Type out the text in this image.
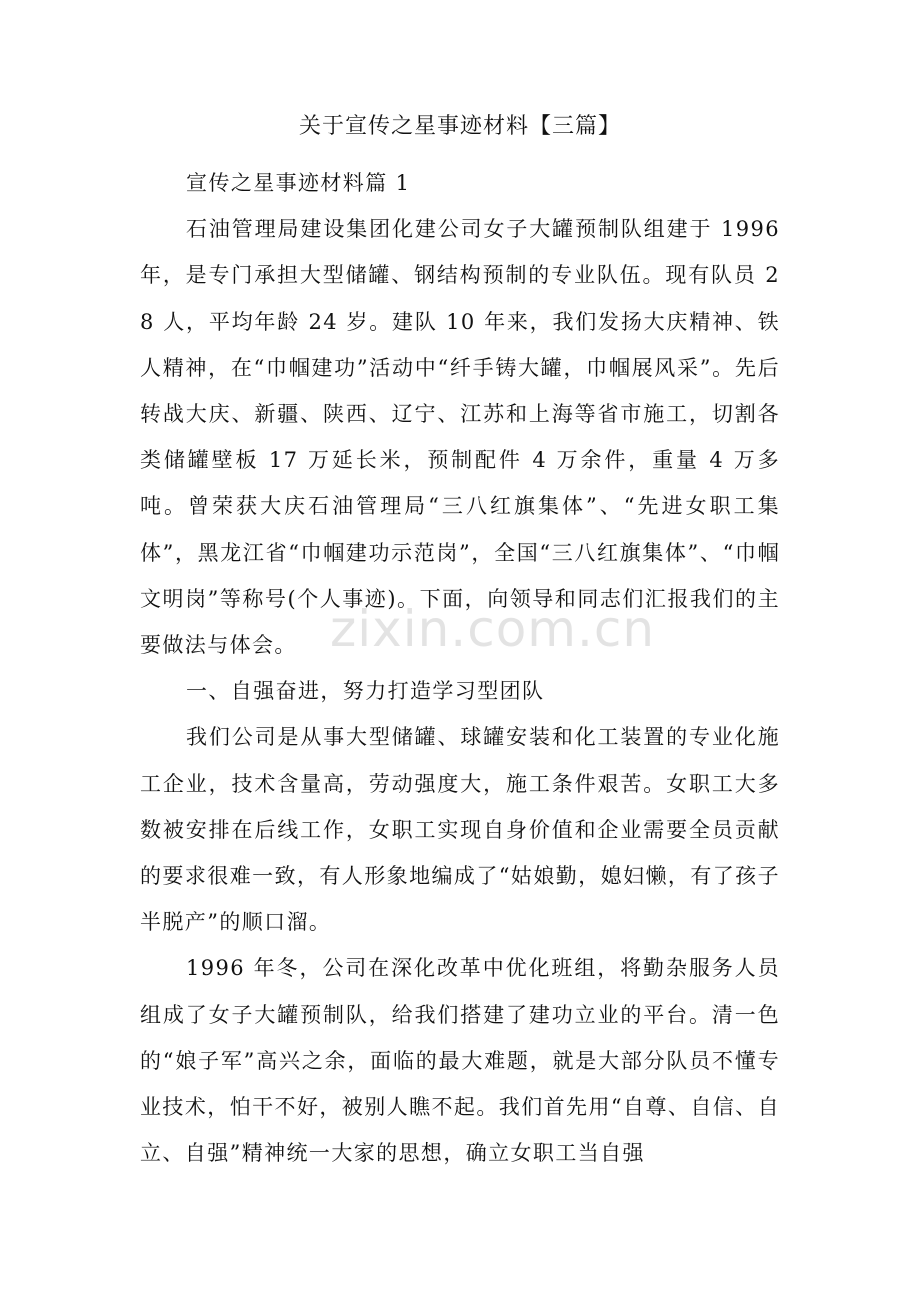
关于宣传之星事迹材料【三篇】

宣传之星事迹材料篇 1

石油管理局建设集团化建公司女子大罐预制队组建于 1996 年，是专门承担大型储罐、钢结构预制的专业队伍。现有队员 28 人，平均年龄 24 岁。建队 10 年来，我们发扬大庆精神、铁人精神，在“巾帼建功”活动中“纤手铸大罐，巾帼展风采”。先后转战大庆、新疆、陕西、辽宁、江苏和上海等省市施工，切割各类储罐壁板 17 万延长米，预制配件 4 万余件，重量 4 万多吨。曾荣获大庆石油管理局“三八红旗集体”、“先进女职工集体”，黑龙江省“巾帼建功示范岗”，全国“三八红旗集体”、“巾帼文明岗”等称号(个人事迹)。下面，向领导和同志们汇报我们的主要做法与体会。

一、自强奋进，努力打造学习型团队

我们公司是从事大型储罐、球罐安装和化工装置的专业化施工企业，技术含量高，劳动强度大，施工条件艰苦。女职工大多数被安排在后线工作，女职工实现自身价值和企业需要全员贡献的要求很难一致，有人形象地编成了“姑娘勤，媳妇懒，有了孩子半脱产”的顺口溜。

1996 年冬，公司在深化改革中优化班组，将勤杂服务人员组成了女子大罐预制队，给我们搭建了建功立业的平台。清一色的“娘子军”高兴之余，面临的最大难题，就是大部分队员不懂专业技术，怕干不好，被别人瞧不起。我们首先用“自尊、自信、自立、自强”精神统一大家的思想，确立女职工当自强

zixin.com.cn
